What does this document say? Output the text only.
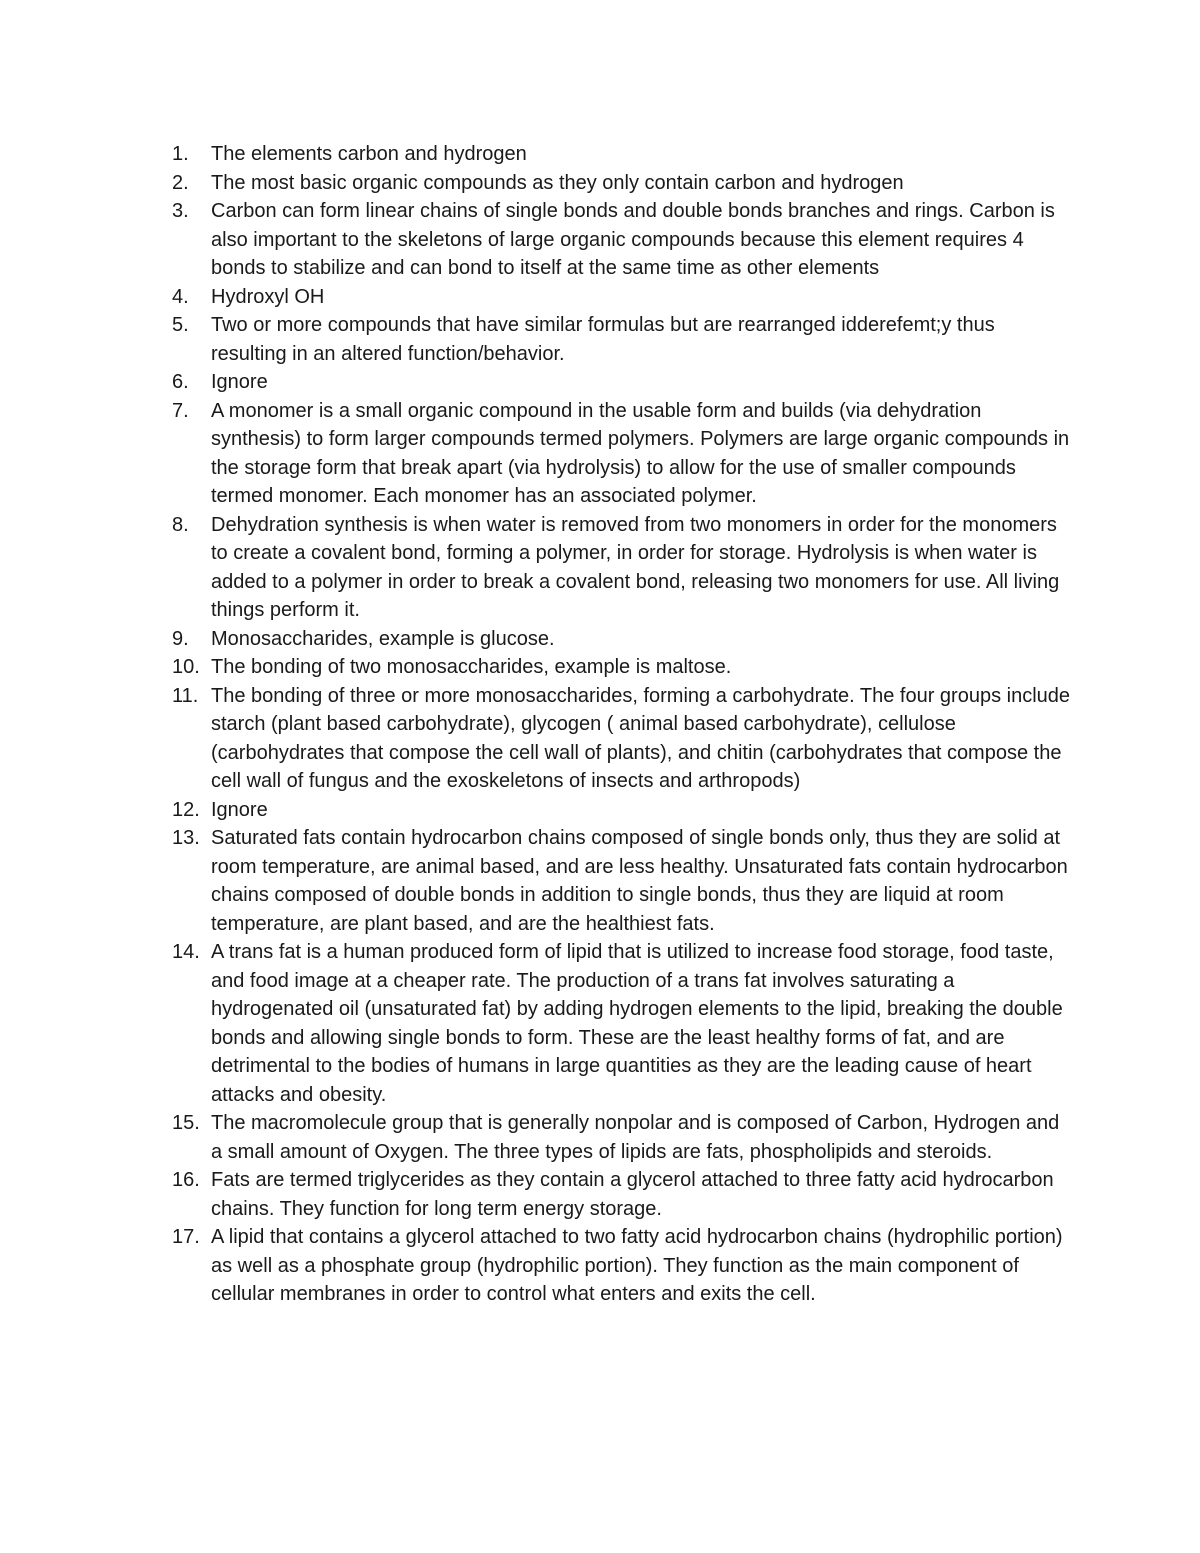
1.	The elements carbon and hydrogen
2.	The most basic organic compounds as they only contain carbon and hydrogen
3.	Carbon can form linear chains of single bonds and double bonds branches and rings. Carbon is also important to the skeletons of large organic compounds because this element requires 4 bonds to stabilize and can bond to itself at the same time as other elements
4.	Hydroxyl OH
5.	Two or more compounds that have similar formulas but are rearranged idderefemt;y thus resulting in an altered function/behavior.
6.	Ignore
7.	A monomer is a small organic compound in the usable form and builds (via dehydration synthesis) to form larger compounds termed polymers. Polymers are large organic compounds in the storage form that break apart (via hydrolysis) to allow for the use of smaller compounds termed monomer. Each monomer has an associated polymer.
8.	Dehydration synthesis is when water is removed from two monomers in order for the monomers to create a covalent bond, forming a polymer, in order for storage. Hydrolysis is when water is added to a polymer in order to break a covalent bond, releasing two monomers for use. All living things perform it.
9.	Monosaccharides, example is glucose.
10. The bonding of two monosaccharides, example is maltose.
11. The bonding of three or more monosaccharides, forming a carbohydrate. The four groups include starch (plant based carbohydrate), glycogen ( animal based carbohydrate), cellulose (carbohydrates that compose the cell wall of plants), and chitin (carbohydrates that compose the cell wall of fungus and the exoskeletons of insects and arthropods)
12. Ignore
13. Saturated fats contain hydrocarbon chains composed of single bonds only, thus they are solid at room temperature, are animal based, and are less healthy. Unsaturated fats contain hydrocarbon chains composed of double bonds in addition to single bonds, thus they are liquid at room temperature, are plant based, and are the healthiest fats.
14. A trans fat is a human produced form of lipid that is utilized to increase food storage, food taste, and food image at a cheaper rate. The production of a trans fat involves saturating a hydrogenated oil (unsaturated fat) by adding hydrogen elements to the lipid, breaking the double bonds and allowing single bonds to form. These are the least healthy forms of fat, and are detrimental to the bodies of humans in large quantities as they are the leading cause of heart attacks and obesity.
15. The macromolecule group that is generally nonpolar and is composed of Carbon, Hydrogen and a small amount of Oxygen. The three types of lipids are fats, phospholipids and steroids.
16. Fats are termed triglycerides as they contain a glycerol attached to three fatty acid hydrocarbon chains. They function for long term energy storage.
17. A lipid that contains a glycerol attached to two fatty acid hydrocarbon chains (hydrophilic portion) as well as a phosphate group (hydrophilic portion). They function as the main component of cellular membranes in order to control what enters and exits the cell.
